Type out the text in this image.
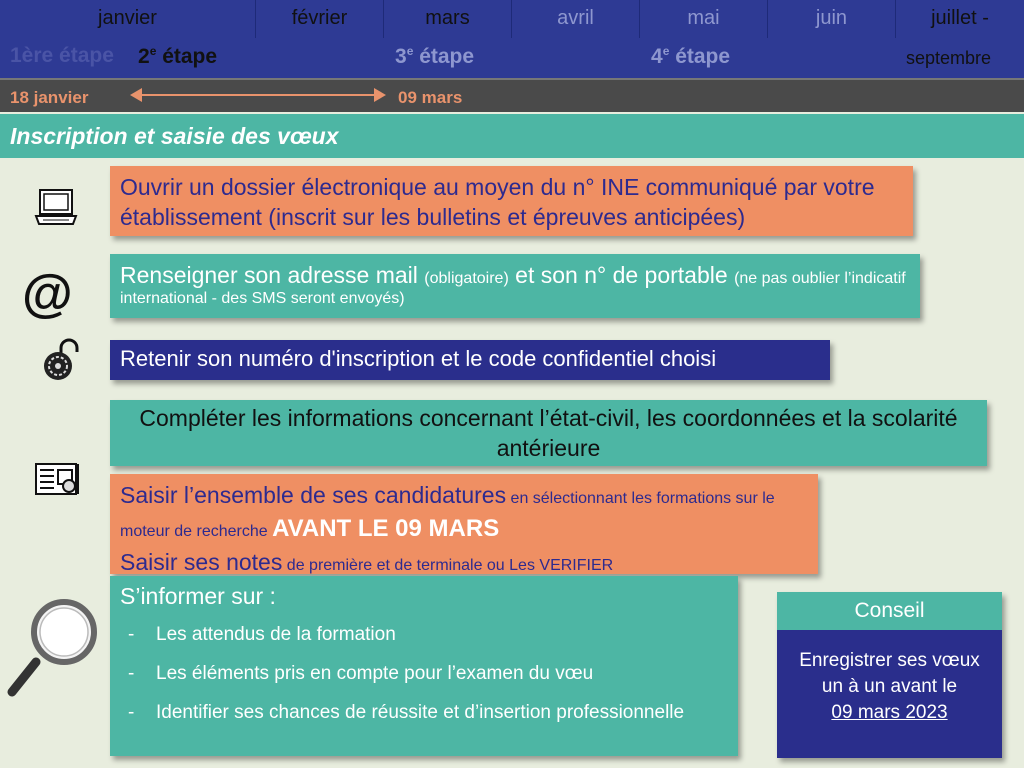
janvier	février	mars	avril	mai	juin	juillet -
1ère étape 2e étape	3e étape	4e étape	septembre
18 janvier	09 mars
Inscription et saisie des vœux
Ouvrir un dossier électronique au moyen du n° INE communiqué par votre établissement (inscrit sur les bulletins et épreuves anticipées)
@	Renseigner son adresse mail (obligatoire) et son n° de portable (ne pas oublier l’indicatif international - des SMS seront envoyés)
Retenir son numéro d'inscription et le code confidentiel choisi
Compléter les informations concernant l’état-civil, les coordonnées et la scolarité antérieure
Saisir l’ensemble de ses candidatures en sélectionnant les formations sur le moteur de recherche AVANT LE 09 MARS
Saisir ses notes de première et de terminale ou Les VERIFIER
S’informer sur :
- Les attendus de la formation
- Les éléments pris en compte pour l’examen du vœu
- Identifier ses chances de réussite et d’insertion professionnelle
Conseil
Enregistrer ses vœux un à un avant le
09 mars 2023
